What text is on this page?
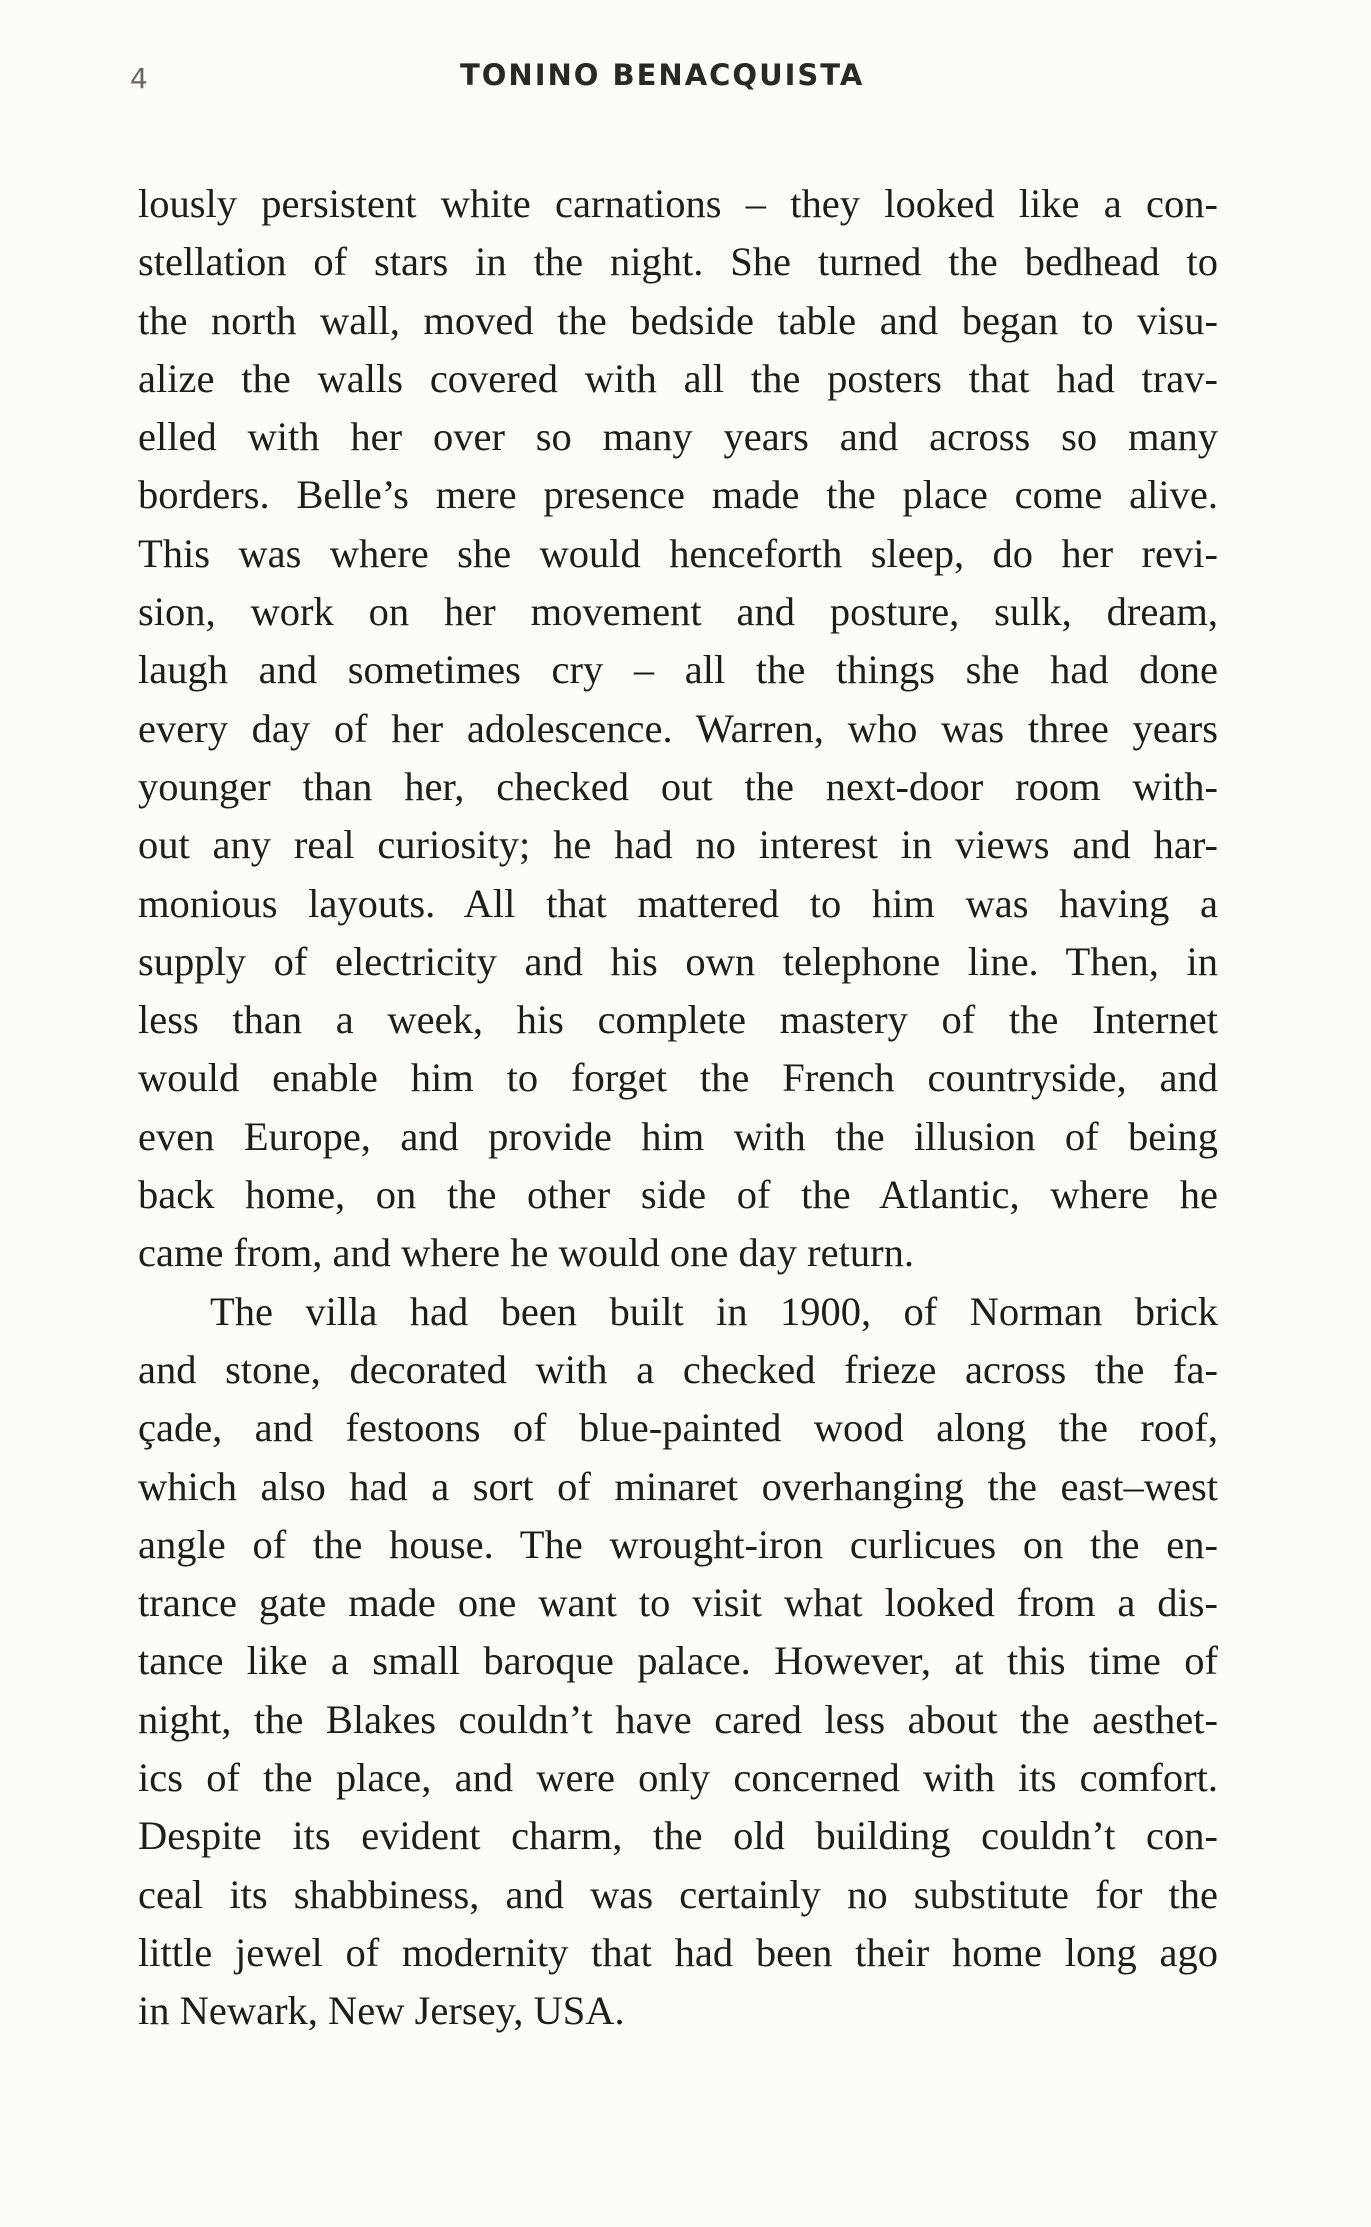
4	TONINO BENACQUISTA
lously persistent white carnations – they looked like a con-
stellation of stars in the night. She turned the bedhead to
the north wall, moved the bedside table and began to visu-
alize the walls covered with all the posters that had trav-
elled with her over so many years and across so many
borders. Belle’s mere presence made the place come alive.
This was where she would henceforth sleep, do her revi-
sion, work on her movement and posture, sulk, dream,
laugh and sometimes cry – all the things she had done
every day of her adolescence. Warren, who was three years
younger than her, checked out the next-door room with-
out any real curiosity; he had no interest in views and har-
monious layouts. All that mattered to him was having a
supply of electricity and his own telephone line. Then, in
less than a week, his complete mastery of the Internet
would enable him to forget the French countryside, and
even Europe, and provide him with the illusion of being
back home, on the other side of the Atlantic, where he
came from, and where he would one day return.
The villa had been built in 1900, of Norman brick
and stone, decorated with a checked frieze across the fa-
çade, and festoons of blue-painted wood along the roof,
which also had a sort of minaret overhanging the east–west
angle of the house. The wrought-iron curlicues on the en-
trance gate made one want to visit what looked from a dis-
tance like a small baroque palace. However, at this time of
night, the Blakes couldn’t have cared less about the aesthet-
ics of the place, and were only concerned with its comfort.
Despite its evident charm, the old building couldn’t con-
ceal its shabbiness, and was certainly no substitute for the
little jewel of modernity that had been their home long ago
in Newark, New Jersey, USA.
